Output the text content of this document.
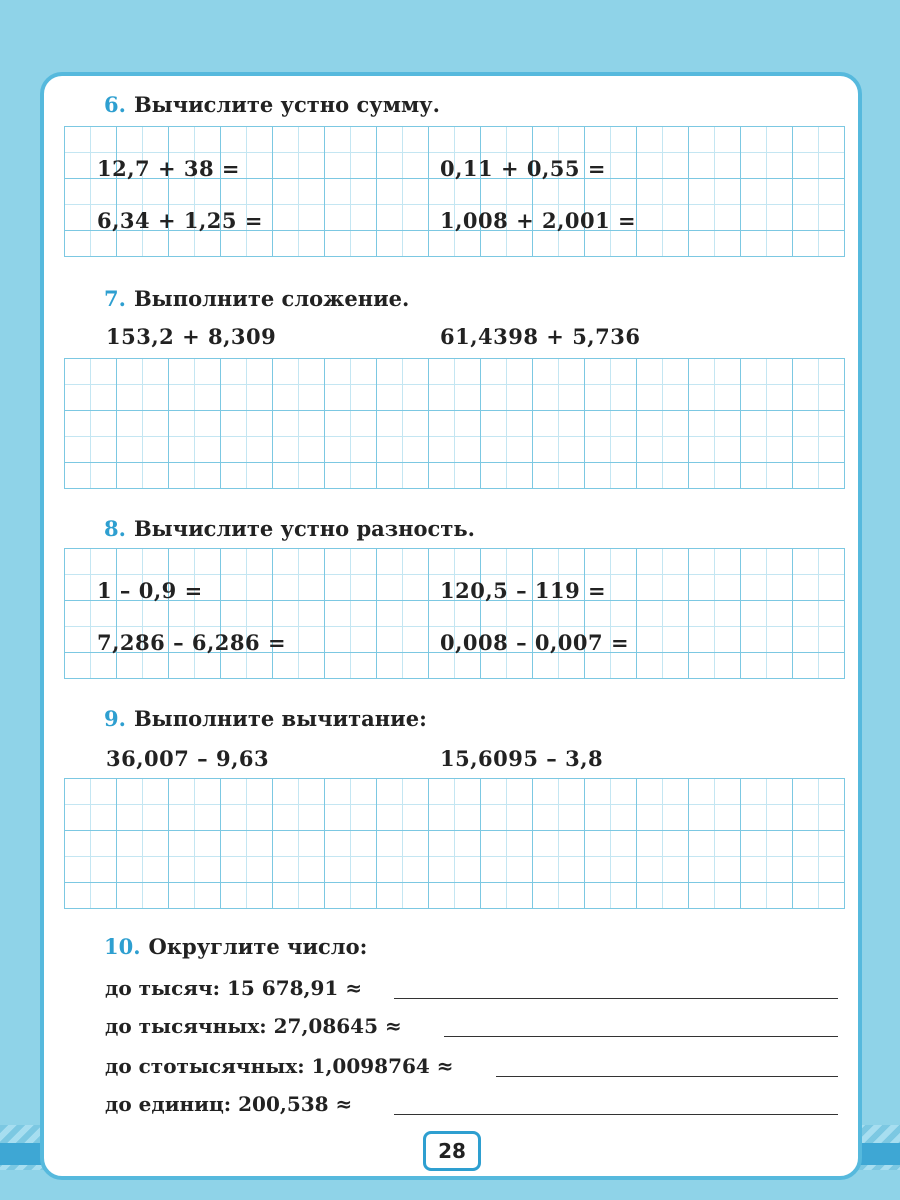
6. Вычислите устно сумму.
12,7 + 38 =	0,11 + 0,55 =
6,34 + 1,25 =	1,008 + 2,001 =
7. Выполните сложение.
153,2 + 8,309	61,4398 + 5,736
8. Вычислите устно разность.
1 – 0,9 =	120,5 – 119 =
7,286 – 6,286 =	0,008 – 0,007 =
9. Выполните вычитание:
36,007 – 9,63	15,6095 – 3,8
10. Округлите число:
до тысяч: 15 678,91 ≈
до тысячных: 27,08645 ≈
до стотысячных: 1,0098764 ≈
до единиц: 200,538 ≈
28
